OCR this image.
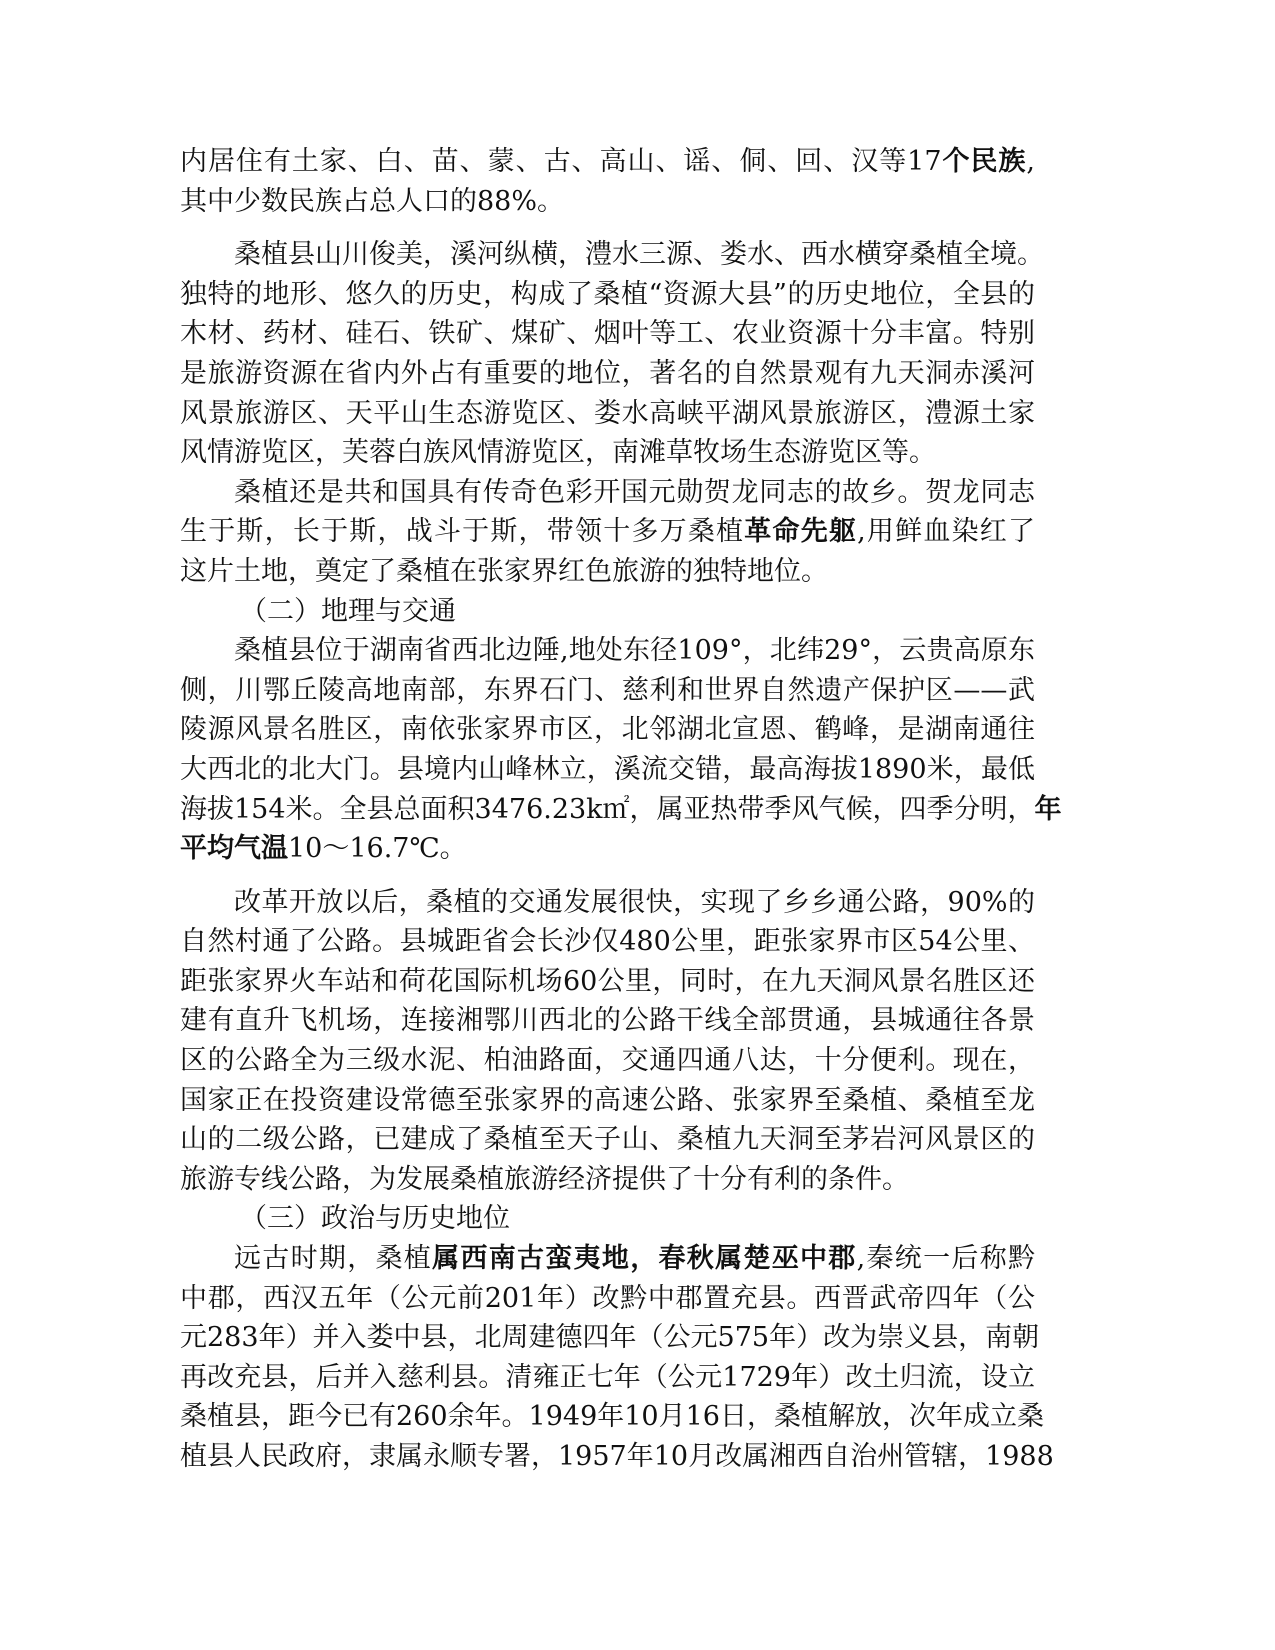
内居住有土家、白、苗、蒙、古、高山、谣、侗、回、汉等17个民族,
其中少数民族占总人口的88%。
桑植县山川俊美，溪河纵横，澧水三源、娄水、西水横穿桑植全境。
独特的地形、悠久的历史，构成了桑植“资源大县”的历史地位，全县的
木材、药材、硅石、铁矿、煤矿、烟叶等工、农业资源十分丰富。特别
是旅游资源在省内外占有重要的地位，著名的自然景观有九天洞赤溪河
风景旅游区、天平山生态游览区、娄水高峡平湖风景旅游区，澧源土家
风情游览区，芙蓉白族风情游览区，南滩草牧场生态游览区等。
桑植还是共和国具有传奇色彩开国元勋贺龙同志的故乡。贺龙同志
生于斯，长于斯，战斗于斯，带领十多万桑植革命先躯,用鲜血染红了
这片土地，奠定了桑植在张家界红色旅游的独特地位。
（二）地理与交通
桑植县位于湖南省西北边陲,地处东径109°，北纬29°，云贵高原东
侧，川鄂丘陵高地南部，东界石门、慈利和世界自然遗产保护区——武
陵源风景名胜区，南依张家界市区，北邻湖北宣恩、鹤峰，是湖南通往
大西北的北大门。县境内山峰林立，溪流交错，最高海拔1890米，最低
海拔154米。全县总面积3476.23k㎡，属亚热带季风气候，四季分明，年
平均气温10～16.7℃。
改革开放以后，桑植的交通发展很快，实现了乡乡通公路，90%的
自然村通了公路。县城距省会长沙仅480公里，距张家界市区54公里、
距张家界火车站和荷花国际机场60公里，同时，在九天洞风景名胜区还
建有直升飞机场，连接湘鄂川西北的公路干线全部贯通，县城通往各景
区的公路全为三级水泥、柏油路面，交通四通八达，十分便利。现在，
国家正在投资建设常德至张家界的高速公路、张家界至桑植、桑植至龙
山的二级公路，已建成了桑植至天子山、桑植九天洞至茅岩河风景区的
旅游专线公路，为发展桑植旅游经济提供了十分有利的条件。
（三）政治与历史地位
远古时期，桑植属西南古蛮夷地，春秋属楚巫中郡,秦统一后称黔
中郡，西汉五年（公元前201年）改黔中郡置充县。西晋武帝四年（公
元283年）并入娄中县，北周建德四年（公元575年）改为崇义县，南朝
再改充县，后并入慈利县。清雍正七年（公元1729年）改土归流，设立
桑植县，距今已有260余年。1949年10月16日，桑植解放，次年成立桑
植县人民政府，隶属永顺专署，1957年10月改属湘西自治州管辖，1988
